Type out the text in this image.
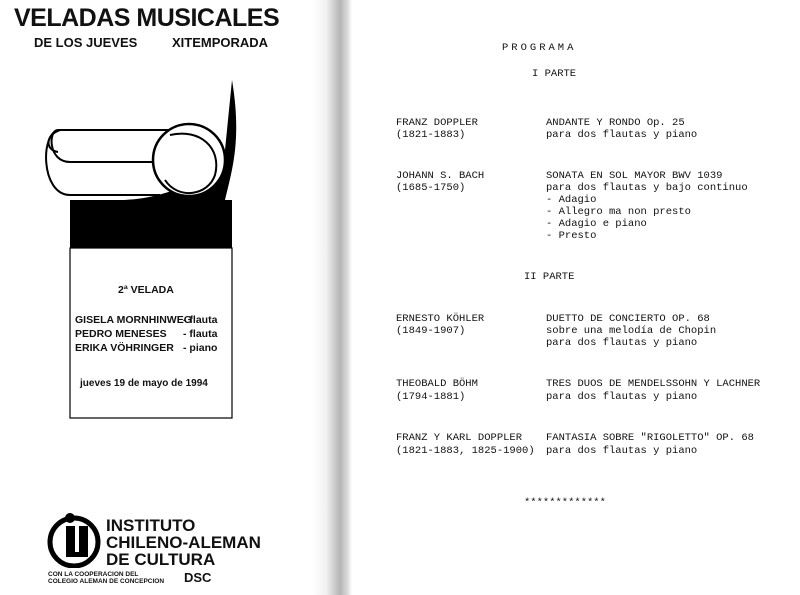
VELADAS MUSICALES
DE LOS JUEVES	XITEMPORADA
2ª VELADA
GISELA MORNHINWEG
- flauta
PEDRO MENESES - flauta
ERIKA VÖHRINGER - piano
jueves 19 de mayo de 1994
INSTITUTO
CHILENO-ALEMAN
DE CULTURA
CON LA COOPERACION DEL
COLEGIO ALEMAN DE CONCEPCION DSC
PROGRAMA
I PARTE
FRANZ DOPPLER
(1821-1883)
ANDANTE Y RONDO Op. 25
para dos flautas y piano
JOHANN S. BACH
(1685-1750)
SONATA EN SOL MAYOR BWV 1039
para dos flautas y bajo continuo
- Adagio
- Allegro ma non presto
- Adagio e piano
- Presto
II PARTE
ERNESTO KÖHLER
(1849-1907)
DUETTO DE CONCIERTO OP. 68
sobre una melodía de Chopin
para dos flautas y piano
THEOBALD BÖHM
(1794-1881)
TRES DUOS DE MENDELSSOHN Y LACHNER
para dos flautas y piano
FRANZ Y KARL DOPPLER
(1821-1883, 1825-1900)
FANTASIA SOBRE "RIGOLETTO" OP. 68
para dos flautas y piano
*************
